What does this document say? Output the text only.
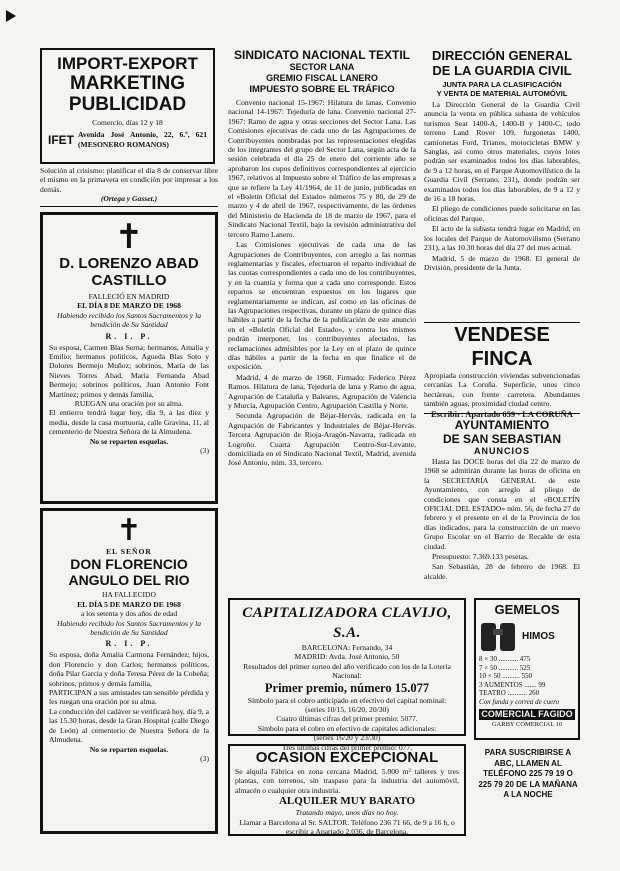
IMPORT-EXPORT
MARKETING
PUBLICIDAD
Comercio, días 12 y 18
IFET Avenida José Antonio, 22, 6.º, 621 (MESONERO ROMANOS)
Solución al crisismo: planificar el día 8 de conservar libre el mismo en la primavera en condición por impresar a los demás.
(Ortega y Gasset.)
✝
D. LORENZO ABAD CASTILLO
FALLECIÓ EN MADRID
EL DÍA 8 DE MARZO DE 1968
Habiendo recibido los Santos Sacramentos y la bendición de Su Santidad
R. I. P.
Su esposa, Carmen Blas Serna; hermanos, Amalia y Emilio; hermanos políticos, Agueda Blas Soto y Dolores Bermejo Muñoz; sobrinos, María de las Nieves Torres Abad, María Fernanda Abad Bermejo; sobrinos políticos, Juan Antonio Font Martínez; primos y demás familia,
RUEGAN una oración por su alma.
El entierro tendrá lugar hoy, día 9, a las diez y media, desde la casa mortuoria, calle Gravina, 11, al cementerio de Nuestra Señora de la Almudena.
No se reparten esquelas.
(3)
✝
EL SEÑOR
DON FLORENCIO ANGULO DEL RIO
HA FALLECIDO
EL DÍA 5 DE MARZO DE 1968
a los setenta y dos años de edad
Habiendo recibido los Santos Sacramentos y la bendición de Su Santidad
R. I. P.
Su esposa, doña Amalia Carmona Fernández; hijos, don Florencio y don Carlos; hermanos políticos, doña Pilar Garcia y doña Teresa Pérez de la Cobeña; sobrinos, primos y demás familia,
PARTICIPAN a sus amistades tan sensible pérdida y les ruegan una oración por su alma.
La conducción del cadáver se verificará hoy, día 9, a las 15.30 horas, desde la Gran Hospital (calle Diego de León) al cementerio de Nuestra Señora de la Almudena.
No se reparten esquelas.
(3)
SINDICATO NACIONAL TEXTIL
SECTOR LANA
GREMIO FISCAL LANERO
IMPUESTO SOBRE EL TRÁFICO

Convenio nacional 15-1967: Hilatura de lanas. Convenio nacional 14-1967: Tejeduría de lana. Convenio nacional 27-1967: Ramo de agua y otras secciones del Sector Lana. Las Comisiones ejecutivas de cada uno de las Agrupaciones de Contribuyentes nombradas por las representaciones elegidas de los integrantes del grupo del Sector Lana, según acta de la sesión celebrada el día 25 de enero del corriente año se aprobaron los cupos definitivos correspondientes al ejercicio 1967, relativos al Impuesto sobre el Tráfico de las empresas a que se refiere la Ley 41/1964, de 11 de junio, publicadas en el «Boletín Oficial del Estado» números 75 y 80, de 29 de marzo y 4 de abril de 1967, respectivamente, de las órdenes del Ministerio de Hacienda de 18 de marzo de 1967, para el Sindicato Nacional Textil, bajo la revisión administrativa del tercero Ramo Lanero.

Las Comisiones ejecutivas de cada una de las Agrupaciones de Contribuyentes, con arreglo a las normas reglamentarias y fiscales, efectuaron el reparto individual de las cuotas correspondientes a cada uno de los contribuyentes, y en la cuantía y forma que a cada uno corresponde. Estos repartos se encuentran expuestos en los lugares que reglamentariamente se indican, así como en las oficinas de las Agrupaciones respectivas, durante un plazo de quince días hábiles a partir de la fecha de la publicación de este anuncio en el «Boletín Oficial del Estado», y contra los mismos podrán interponer, los contribuyentes afectados, las reclamaciones admisibles por la Ley en el plazo de quince días hábiles a partir de la fecha en que finalice el de exposición.

Madrid, 4 de marzo de 1968. Firmado: Federico Pérez Ramos. Hilatura de lana, Tejeduría de lana y Ramo de agua, Agrupación de Cataluña y Baleares, Agrupación de Valencia y Murcia, Agrupación Centro, Agrupación Castilla y Norte.

Secunda Agrupación de Béjar-Hervás, radicada en la Agrupación de Fabricantes y Industriales de Béjar-Hervás. Tercera Agrupación de Rioja-Aragón-Navarra, radicada en Logroño. Cuarta Agrupación Centro-Sur-Levante, domiciliada en el Sindicato Nacional Textil, Madrid, avenida José Antonio, núm. 33, tercero.

DIRECCIÓN GENERAL
DE LA GUARDIA CIVIL
JUNTA PARA LA CLASIFICACIÓN
Y VENTA DE MATERIAL AUTOMÓVIL

La Dirección General de la Guardia Civil anuncia la venta en pública subasta de vehículos turismos Seat 1400-A, 1400-B y 1400-C, todo terreno Land Rover 109, furgonetas 1400, camionetas Ford, Trianes, motocicletas BMW y Sanglas, así como otros materiales, cuyos lotes podrán ser examinados todos los días laborables, de 9 a 12 horas, en el Parque Automovilístico de la Guardia Civil (Serrano, 231), donde podrán ser examinados todos los días laborables, de 9 a 12 y de 16 a 18 horas.

El pliego de condiciones puede solicitarse en las oficinas del Parque.

El acto de la subasta tendrá lugar en Madrid, en los locales del Parque de Automovilismo (Serrano 231), a las 10.30 horas del día 27 del mes actual.

Madrid, 5 de marzo de 1968. El general de División, presidente de la Junta.

VENDESE FINCA
Apropiada construcción viviendas subvencionadas cercanías La Coruña. Superficie, unos cinco hectáreas, con frente carretera. Abundantes también aguas, proximidad ciudad centro.
Escribir: Apartado 659 - LA CORUÑA
AYUNTAMIENTO
DE SAN SEBASTIAN
ANUNCIOS

Hasta las DOCE horas del día 22 de marzo de 1968 se admitirán durante las horas de oficina en la SECRETARÍA GENERAL de este Ayuntamiento, con arreglo al pliego de condiciones que consta en el «BOLETÍN OFICIAL DEL ESTADO» núm. 56, de fecha 27 de febrero y el presente en el de la Provincia de los días indicados, para la construcción de un nuevo Grupo Escolar en el Barrio de Recalde de esta ciudad.

Presupuesto: 7.369.133 pesetas.

San Sebastián, 28 de febrero de 1968. El alcalde.

CAPITALIZADORA CLAVIJO, S.A.
BARCELONA: Fernando, 34
MADRID: Avda. José Antonio, 50
Resultados del primer sorteo del año verificado con los de la Lotería Nacional:
Primer premio, número 15.077
Símbolo para el cobro anticipado en efectivo del capital nominal:
(series 10/15, 16/20, 20/30)
Cuatro últimas cifras del primer premio: 5077.
Símbolo para el cobro en efectivo de capitales adicionales:
(series 16/20 y 23/30)
Tres últimas cifras del primer premio: 077.
OCASION EXCEPCIONAL
Se alquila Fábrica en zona cercana Madrid, 5.000 m² talleres y tres plantas, con terrenos, sin traspaso para la industria del automóvil, almacén o cualquier otra industria.
ALQUILER MUY BARATO
Tratando mayo, unos días no hoy.
Llamar a Barcelona al Sr. SALTOR. Teléfono 236 71 66, de 9 a 16 h, o escribir a Apartado 2.036, de Barcelona.
GEMELOS
HIMOS
8 × 30 ........... 475
7 × 50 ........... 525
10 × 50 .......... 550
3 AUMENTOS ....... 99
TEATRO ........... 260
Con funda y correa de cuero
COMERCIAL FAGIDO
GARBY COMERCIAL 10
PARA SUSCRIBIRSE A ABC, LLAMEN AL TELÉFONO 225 79 19 O 225 79 20 DE LA MAÑANA A LA NOCHE
